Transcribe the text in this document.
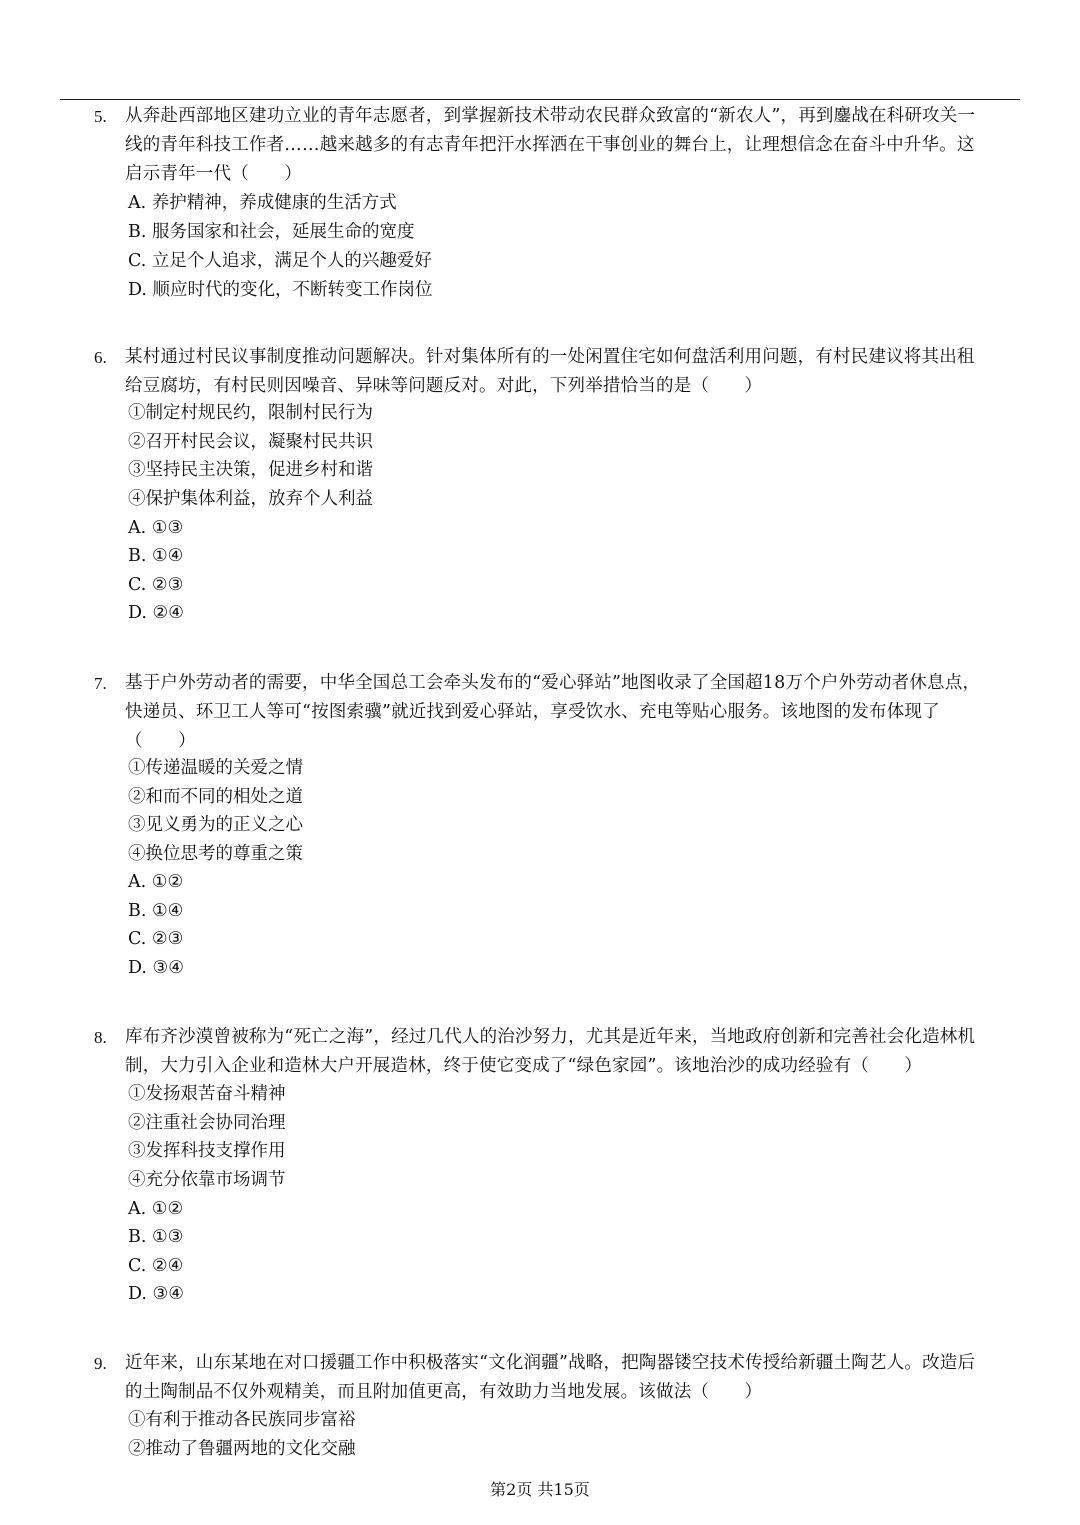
5. 从奔赴西部地区建功立业的青年志愿者，到掌握新技术带动农民群众致富的“新农人”，再到鏖战在科研攻关一
线的青年科技工作者……越来越多的有志青年把汗水挥洒在干事创业的舞台上，让理想信念在奋斗中升华。这
启示青年一代（　　）
A. 养护精神，养成健康的生活方式
B. 服务国家和社会，延展生命的宽度
C. 立足个人追求，满足个人的兴趣爱好
D. 顺应时代的变化，不断转变工作岗位
6. 某村通过村民议事制度推动问题解决。针对集体所有的一处闲置住宅如何盘活利用问题，有村民建议将其出租
给豆腐坊，有村民则因噪音、异味等问题反对。对此，下列举措恰当的是（　　）
①制定村规民约，限制村民行为
②召开村民会议，凝聚村民共识
③坚持民主决策，促进乡村和谐
④保护集体利益，放弃个人利益
A. ①③
B. ①④
C. ②③
D. ②④
7. 基于户外劳动者的需要，中华全国总工会牵头发布的“爱心驿站”地图收录了全国超18万个户外劳动者休息点，
快递员、环卫工人等可“按图索骥”就近找到爱心驿站，享受饮水、充电等贴心服务。该地图的发布体现了
（　　）
①传递温暖的关爱之情
②和而不同的相处之道
③见义勇为的正义之心
④换位思考的尊重之策
A. ①②
B. ①④
C. ②③
D. ③④
8. 库布齐沙漠曾被称为“死亡之海”，经过几代人的治沙努力，尤其是近年来，当地政府创新和完善社会化造林机
制，大力引入企业和造林大户开展造林，终于使它变成了“绿色家园”。该地治沙的成功经验有（　　）
①发扬艰苦奋斗精神
②注重社会协同治理
③发挥科技支撑作用
④充分依靠市场调节
A. ①②
B. ①③
C. ②④
D. ③④
9. 近年来，山东某地在对口援疆工作中积极落实“文化润疆”战略，把陶器镂空技术传授给新疆土陶艺人。改造后
的土陶制品不仅外观精美，而且附加值更高，有效助力当地发展。该做法（　　）
①有利于推动各民族同步富裕
②推动了鲁疆两地的文化交融
第2页 共15页
